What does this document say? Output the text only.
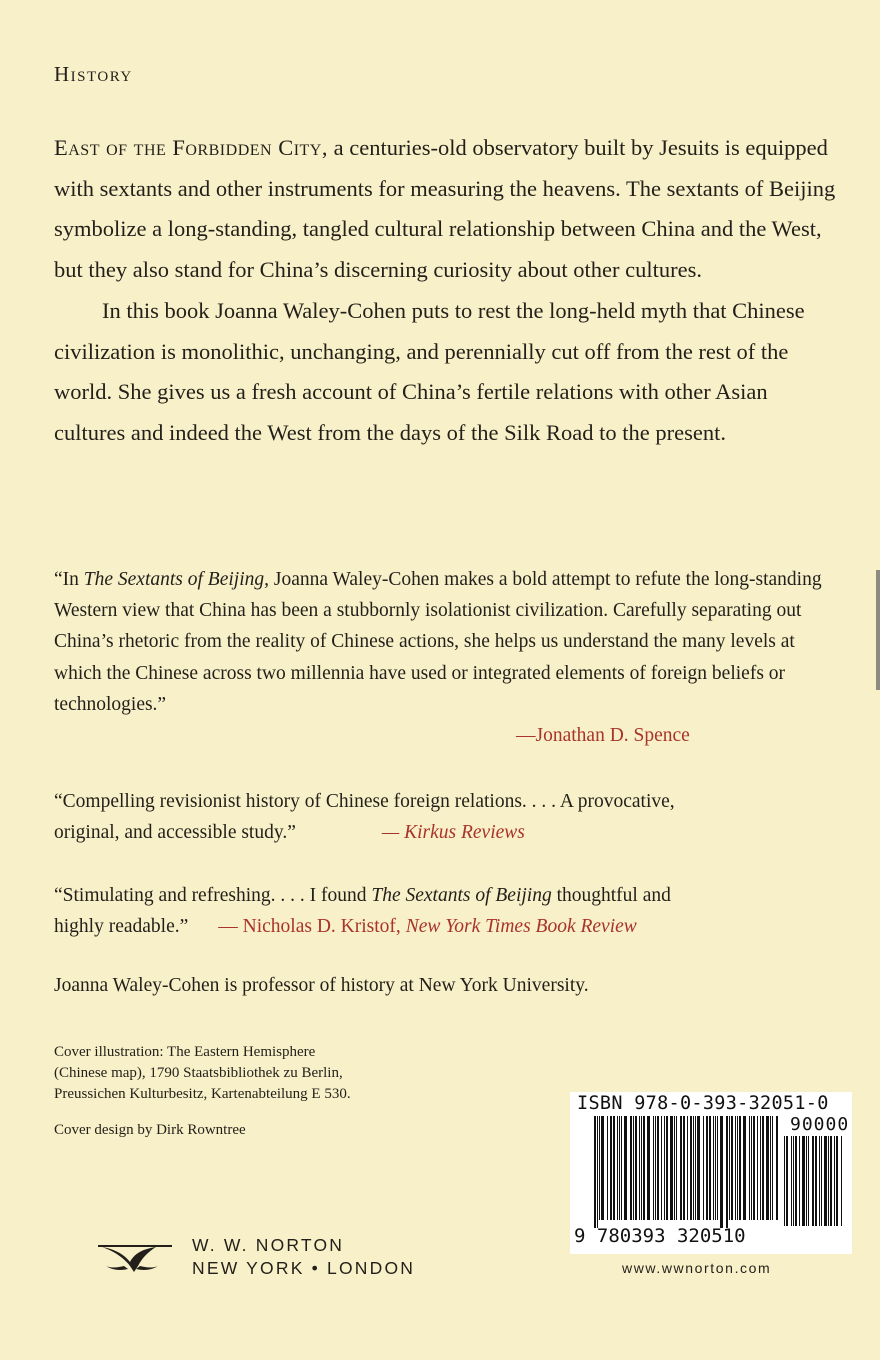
History

East of the Forbidden City, a centuries-old observatory built by Jesuits is equipped with sextants and other instruments for measuring the heavens. The sextants of Beijing symbolize a long-standing, tangled cultural relationship between China and the West, but they also stand for China’s discerning curiosity about other cultures.

In this book Joanna Waley-Cohen puts to rest the long-held myth that Chinese civilization is monolithic, unchanging, and perennially cut off from the rest of the world. She gives us a fresh account of China’s fertile relations with other Asian cultures and indeed the West from the days of the Silk Road to the present.

“In The Sextants of Beijing, Joanna Waley-Cohen makes a bold attempt to refute the long-standing Western view that China has been a stubbornly isolationist civilization. Carefully separating out China’s rhetoric from the reality of Chinese actions, she helps us understand the many levels at which the Chinese across two millennia have used or integrated elements of foreign beliefs or technologies.”

—Jonathan D. Spence

“Compelling revisionist history of Chinese foreign relations. . . . A provocative,

original, and accessible study.”	— Kirkus Reviews

“Stimulating and refreshing. . . . I found The Sextants of Beijing thoughtful and

highly readable.” — Nicholas D. Kristof, New York Times Book Review

Joanna Waley-Cohen is professor of history at New York University.
Cover illustration: The Eastern Hemisphere
(Chinese map), 1790 Staatsbibliothek zu Berlin,
Preussichen Kulturbesitz, Kartenabteilung E 530.
Cover design by Dirk Rowntree
W. W. NORTON
NEW YORK • LONDON
ISBN 978-0-393-32051-0
9 780393 320510
90000
www.wwnorton.com
